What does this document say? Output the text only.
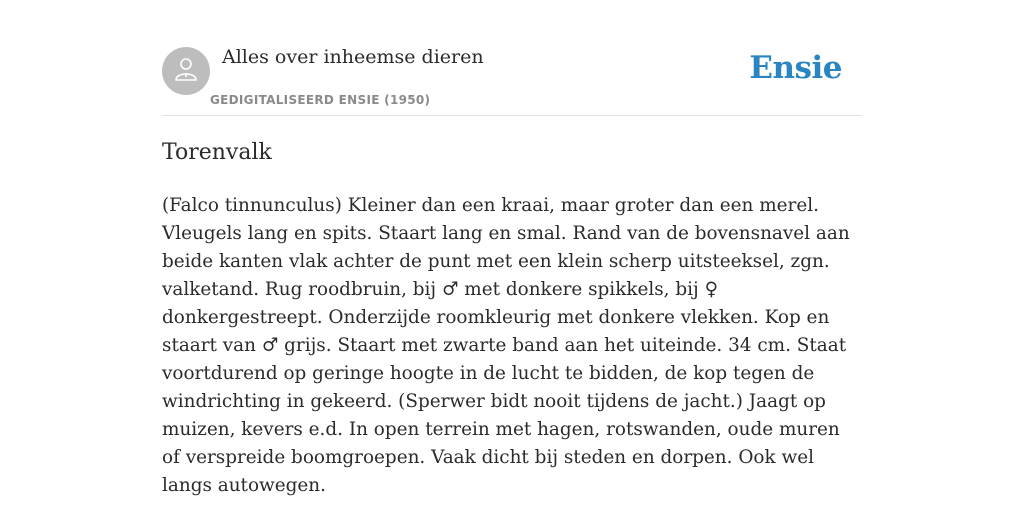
Alles over inheemse dieren
GEDIGITALISEERD ENSIE (1950)
Ensie
Torenvalk

(Falco tinnunculus) Kleiner dan een kraai, maar groter dan een merel. Vleugels lang en spits. Staart lang en smal. Rand van de bovensnavel aan beide kanten vlak achter de punt met een klein scherp uitsteeksel, zgn. valketand. Rug roodbruin, bij ♂ met donkere spikkels, bij ♀ donkergestreept. Onderzijde roomkleurig met donkere vlekken. Kop en staart van ♂ grijs. Staart met zwarte band aan het uiteinde. 34 cm. Staat voortdurend op geringe hoogte in de lucht te bidden, de kop tegen de windrichting in gekeerd. (Sperwer bidt nooit tijdens de jacht.) Jaagt op muizen, kevers e.d. In open terrein met hagen, rotswanden, oude muren of verspreide boomgroepen. Vaak dicht bij steden en dorpen. Ook wel langs autowegen.
